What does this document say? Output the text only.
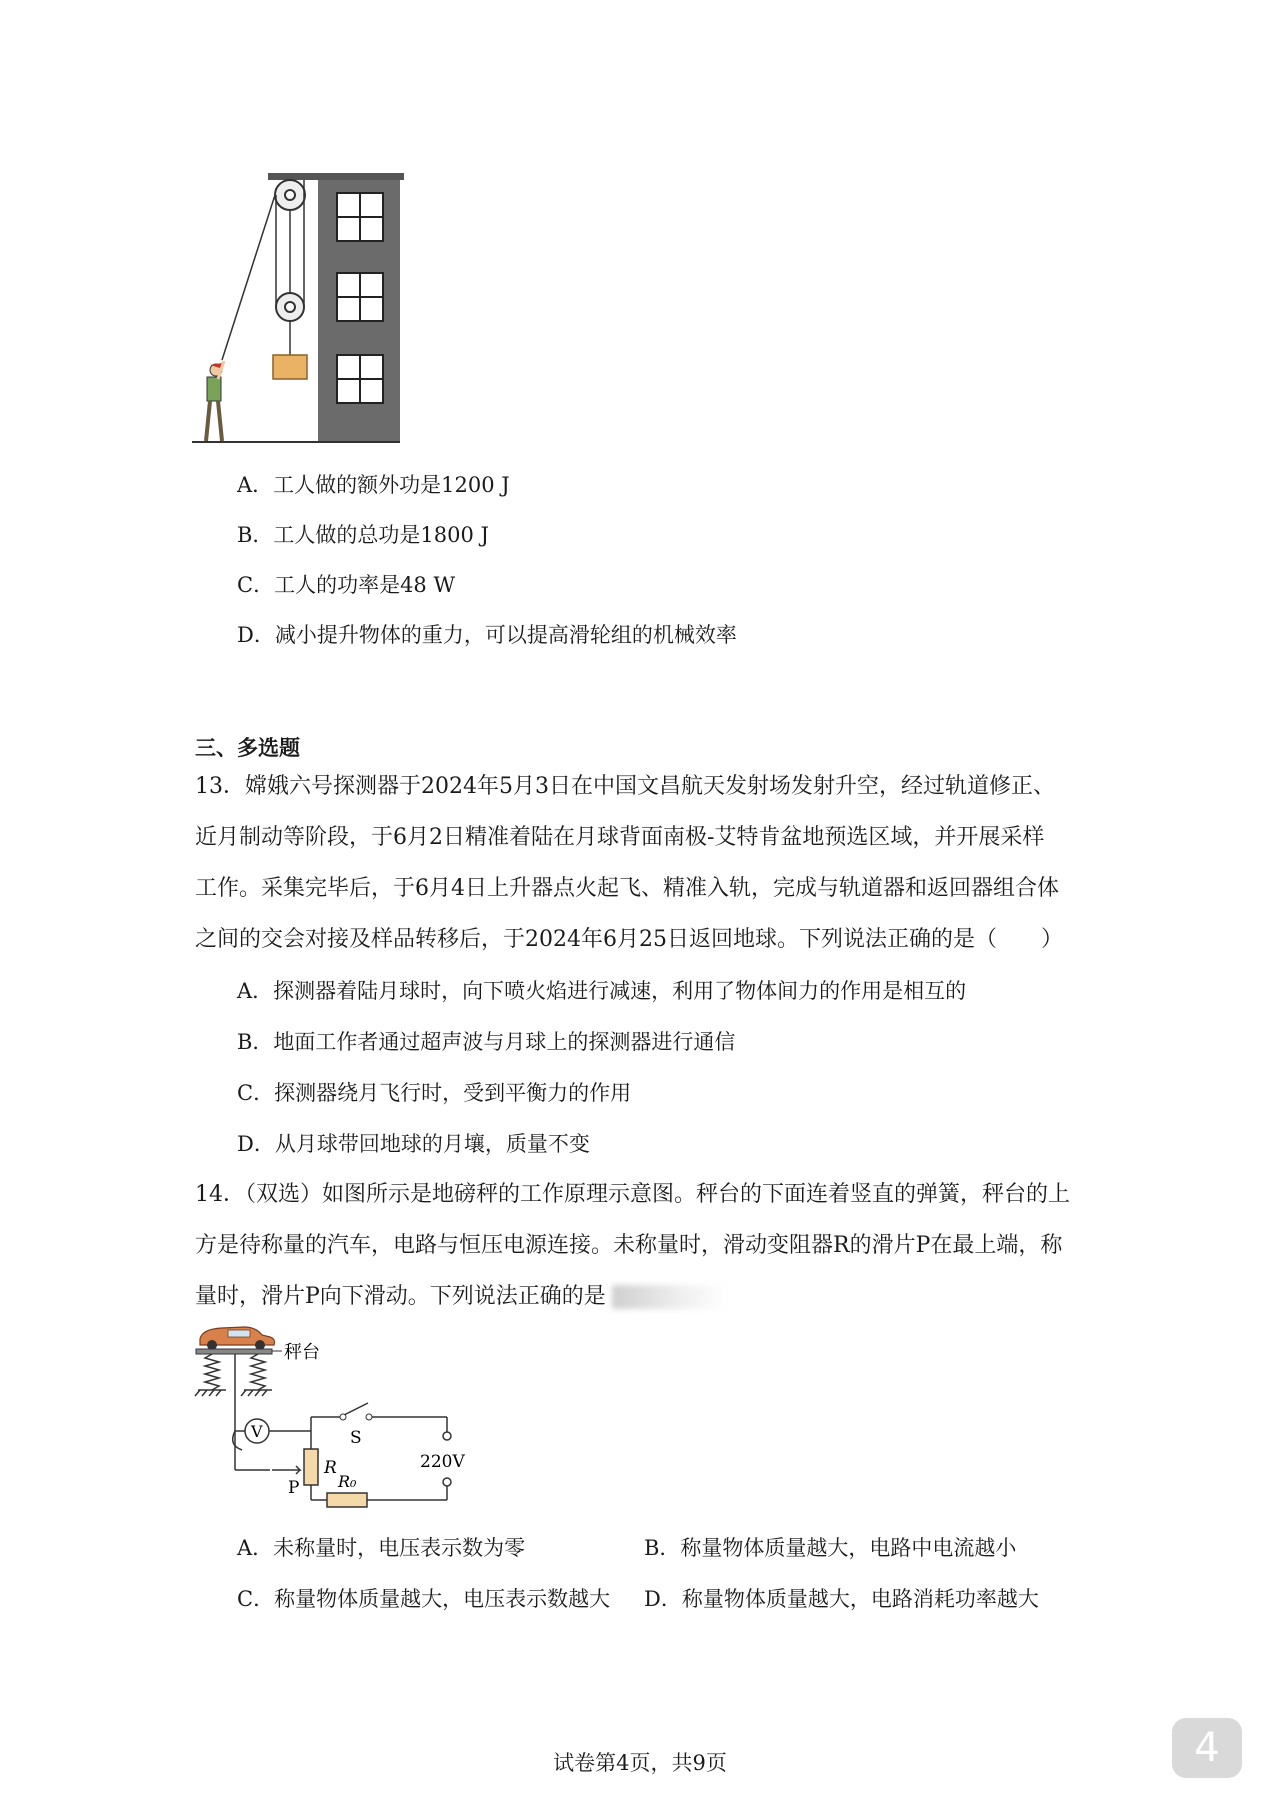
A．工人做的额外功是1200 J
B．工人做的总功是1800 J
C．工人的功率是48 W
D．减小提升物体的重力，可以提高滑轮组的机械效率
三、多选题
13．嫦娥六号探测器于2024年5月3日在中国文昌航天发射场发射升空，经过轨道修正、
近月制动等阶段，于6月2日精准着陆在月球背面南极-艾特肯盆地预选区域，并开展采样
工作。采集完毕后，于6月4日上升器点火起飞、精准入轨，完成与轨道器和返回器组合体
之间的交会对接及样品转移后，于2024年6月25日返回地球。下列说法正确的是（　　）
A．探测器着陆月球时，向下喷火焰进行减速，利用了物体间力的作用是相互的
B．地面工作者通过超声波与月球上的探测器进行通信
C．探测器绕月飞行时，受到平衡力的作用
D．从月球带回地球的月壤，质量不变
14．（双选）如图所示是地磅秤的工作原理示意图。秤台的下面连着竖直的弹簧，秤台的上
方是待称量的汽车，电路与恒压电源连接。未称量时，滑动变阻器R的滑片P在最上端，称
量时，滑片P向下滑动。下列说法正确的是
秤台
V	S
220V
P
R
R₀
A．未称量时，电压表示数为零	B．称量物体质量越大，电路中电流越小
C．称量物体质量越大，电压表示数越大 D．称量物体质量越大，电路消耗功率越大
试卷第4页，共9页	4
